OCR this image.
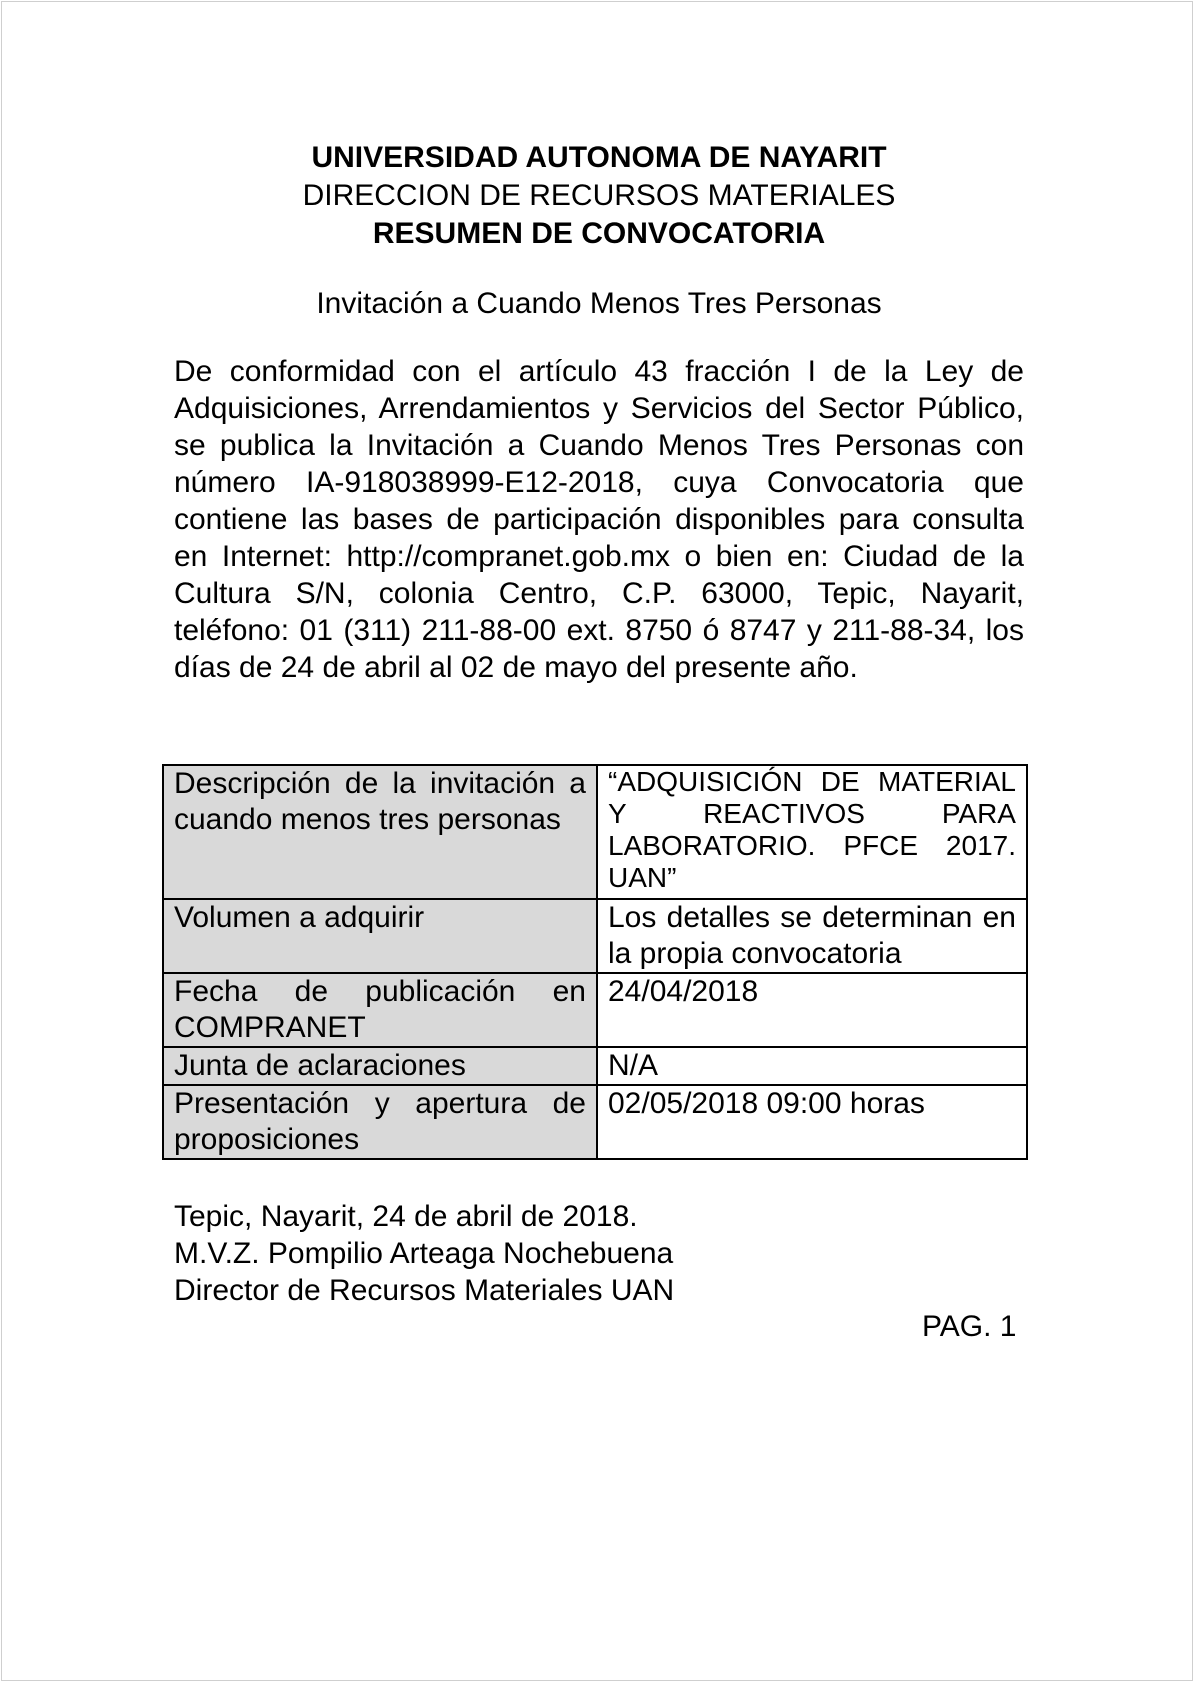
UNIVERSIDAD AUTONOMA DE NAYARIT
DIRECCION DE RECURSOS MATERIALES
RESUMEN DE CONVOCATORIA
Invitación a Cuando Menos Tres Personas
De conformidad con el artículo 43 fracción I de la Ley de Adquisiciones, Arrendamientos y Servicios del Sector Público, se publica la Invitación a Cuando Menos Tres Personas con número IA-918038999-E12-2018, cuya Convocatoria que contiene las bases de participación disponibles para consulta en Internet: http://compranet.gob.mx o bien en: Ciudad de la Cultura S/N, colonia Centro, C.P. 63000, Tepic, Nayarit, teléfono: 01 (311) 211-88-00 ext. 8750 ó 8747 y 211-88-34, los días de 24 de abril al 02 de mayo del presente año.
Descripción de la invitación a cuando menos tres personas	“ADQUISICIÓN DE MATERIAL Y REACTIVOS PARA LABORATORIO. PFCE 2017. UAN”
Volumen a adquirir	Los detalles se determinan en la propia convocatoria
Fecha de publicación en COMPRANET	24/04/2018
Junta de aclaraciones	N/A
Presentación y apertura de proposiciones	02/05/2018 09:00 horas
Tepic, Nayarit, 24 de abril de 2018.
M.V.Z. Pompilio Arteaga Nochebuena
Director de Recursos Materiales UAN
PAG. 1
